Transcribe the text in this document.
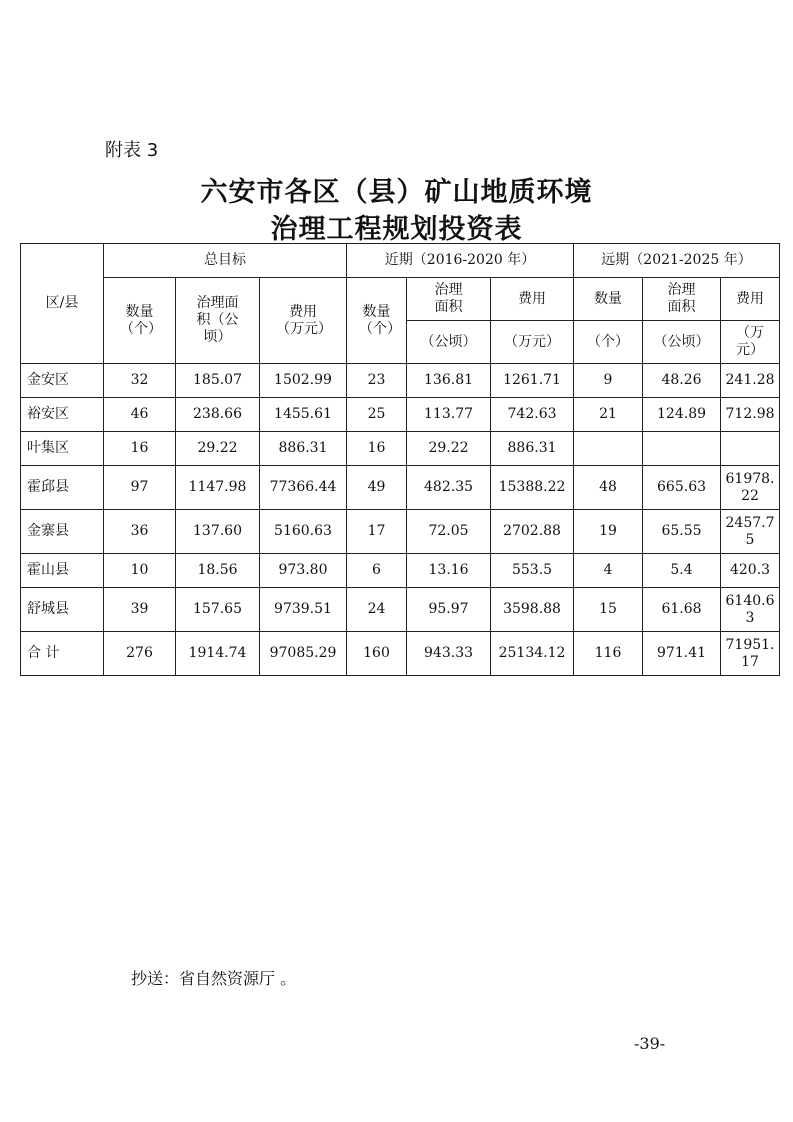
附表 3
六安市各区（县）矿山地质环境
治理工程规划投资表
区/县	总目标			近期（2016-2020 年）			远期（2021-2025 年）		
	数量（个）	治理面积（公顷）	费用（万元）	数量（个）	治理面积	费用	数量	治理面积	费用
					（公顷）	（万元）	（个）	（公顷）	（万元）
金安区	32	185.07	1502.99	23	136.81	1261.71	9	48.26	241.28
裕安区	46	238.66	1455.61	25	113.77	742.63	21	124.89	712.98
叶集区	16	29.22	886.31	16	29.22	886.31			
霍邱县	97	1147.98	77366.44	49	482.35	15388.22	48	665.63	61978.22
金寨县	36	137.60	5160.63	17	72.05	2702.88	19	65.55	2457.75
霍山县	10	18.56	973.80	6	13.16	553.5	4	5.4	420.3
舒城县	39	157.65	9739.51	24	95.97	3598.88	15	61.68	6140.63
合 计	276	1914.74	97085.29	160	943.33	25134.12	116	971.41	71951.17
抄送：省自然资源厅 。
-39-
